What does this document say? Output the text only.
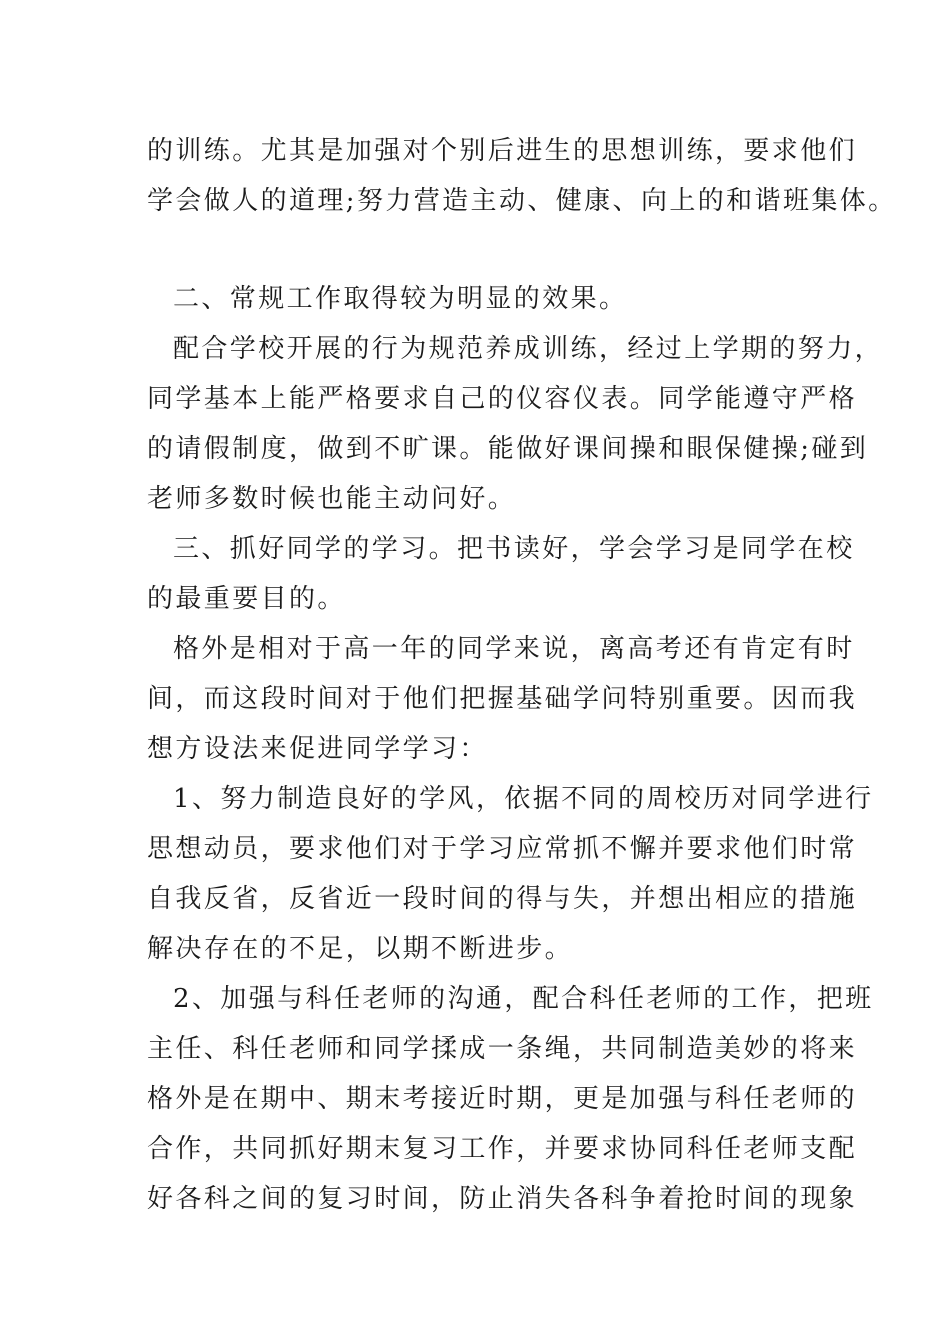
的训练。尤其是加强对个别后进生的思想训练，要求他们
学会做人的道理;努力营造主动、健康、向上的和谐班集体。
二、常规工作取得较为明显的效果。
配合学校开展的行为规范养成训练，经过上学期的努力，
同学基本上能严格要求自己的仪容仪表。同学能遵守严格
的请假制度，做到不旷课。能做好课间操和眼保健操;碰到
老师多数时候也能主动问好。
三、抓好同学的学习。把书读好，学会学习是同学在校
的最重要目的。
格外是相对于高一年的同学来说，离高考还有肯定有时
间，而这段时间对于他们把握基础学问特别重要。因而我
想方设法来促进同学学习：
1、努力制造良好的学风，依据不同的周校历对同学进行
思想动员，要求他们对于学习应常抓不懈并要求他们时常
自我反省，反省近一段时间的得与失，并想出相应的措施
解决存在的不足，以期不断进步。
2、加强与科任老师的沟通，配合科任老师的工作，把班
主任、科任老师和同学揉成一条绳，共同制造美妙的将来
格外是在期中、期末考接近时期，更是加强与科任老师的
合作，共同抓好期末复习工作，并要求协同科任老师支配
好各科之间的复习时间，防止消失各科争着抢时间的现象
